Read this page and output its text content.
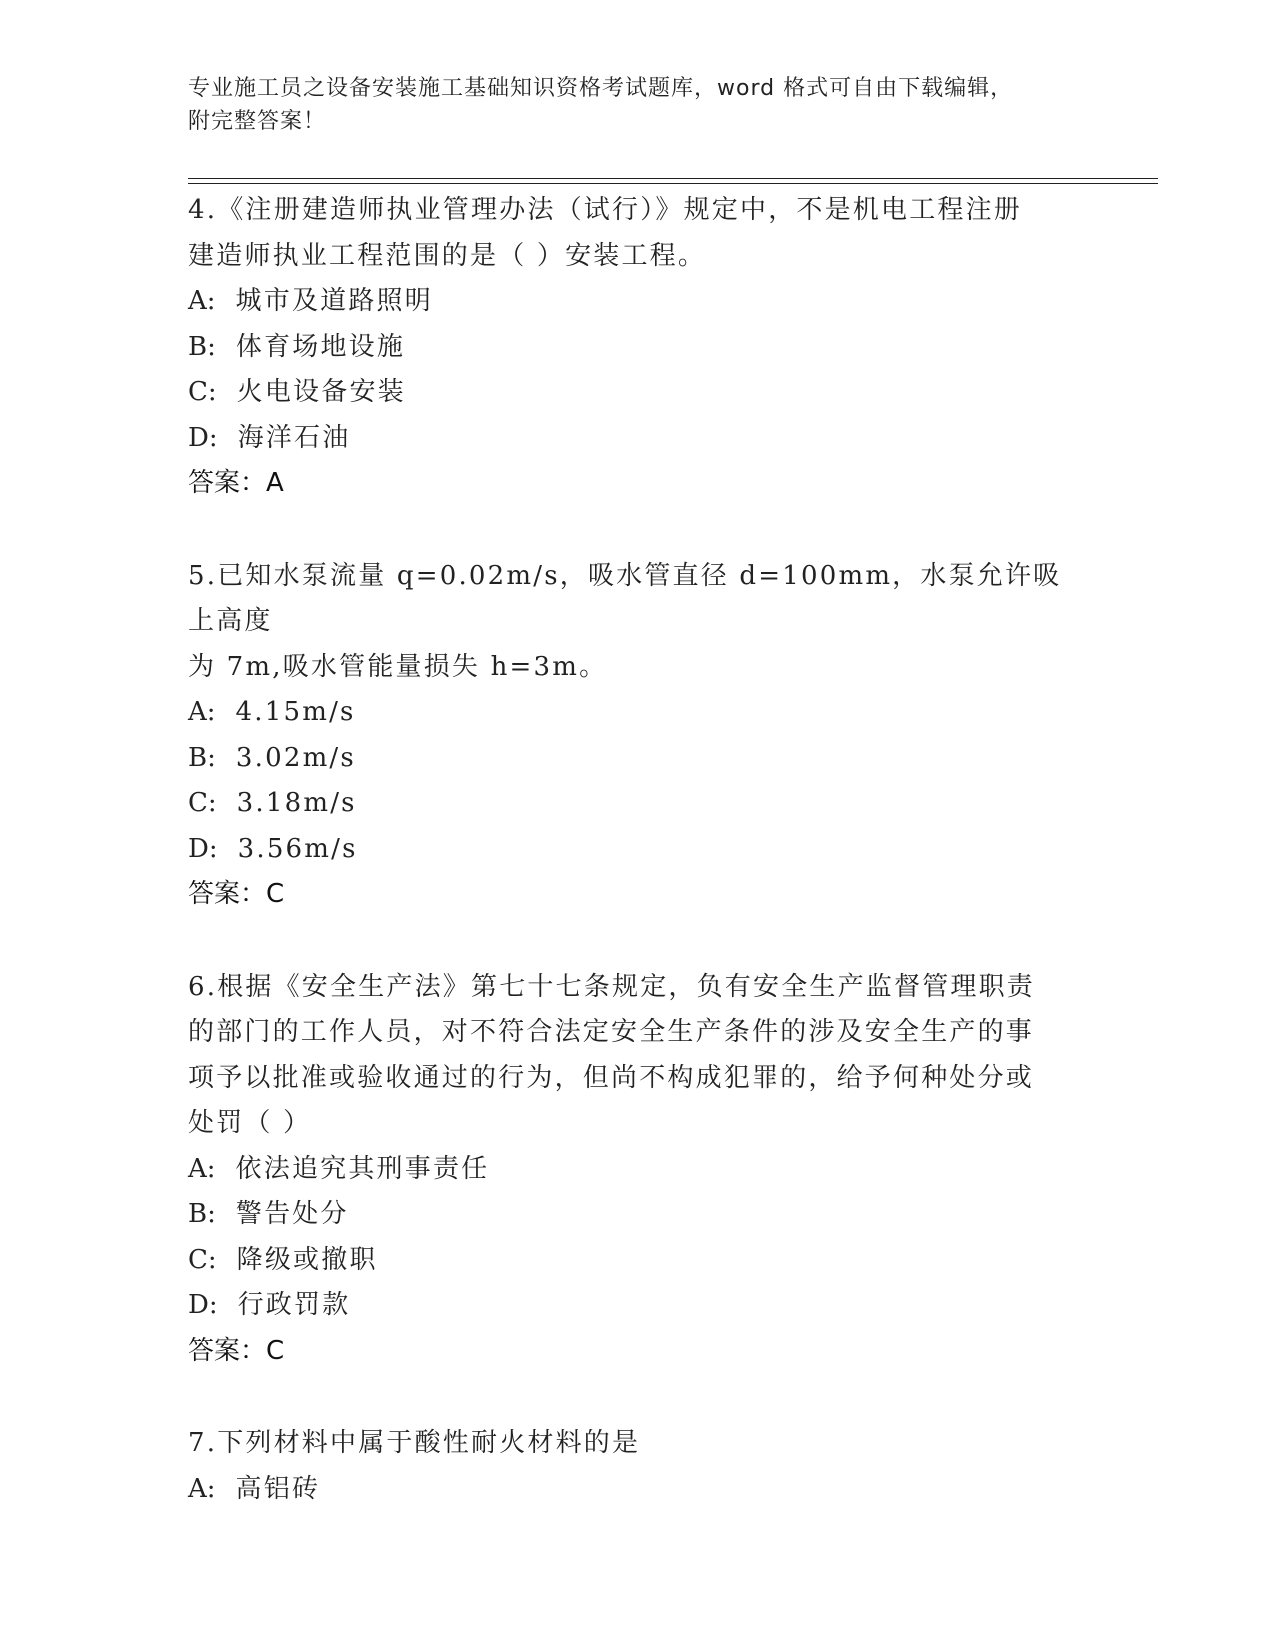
专业施工员之设备安装施工基础知识资格考试题库，word 格式可自由下载编辑，
附完整答案！
4.《注册建造师执业管理办法（试行）》规定中，不是机电工程注册
建造师执业工程范围的是（ ）安装工程。
A: 城市及道路照明
B: 体育场地设施
C: 火电设备安装
D: 海洋石油
答案：A
5.已知水泵流量 q=0.02m/s，吸水管直径 d=100mm，水泵允许吸上高度
为 7m,吸水管能量损失 h=3m。
A: 4.15m/s
B: 3.02m/s
C: 3.18m/s
D: 3.56m/s
答案：C
6.根据《安全生产法》第七十七条规定，负有安全生产监督管理职责
的部门的工作人员，对不符合法定安全生产条件的涉及安全生产的事
项予以批准或验收通过的行为，但尚不构成犯罪的，给予何种处分或
处罚（ ）
A: 依法追究其刑事责任
B: 警告处分
C: 降级或撤职
D: 行政罚款
答案：C
7.下列材料中属于酸性耐火材料的是
A: 高铝砖
